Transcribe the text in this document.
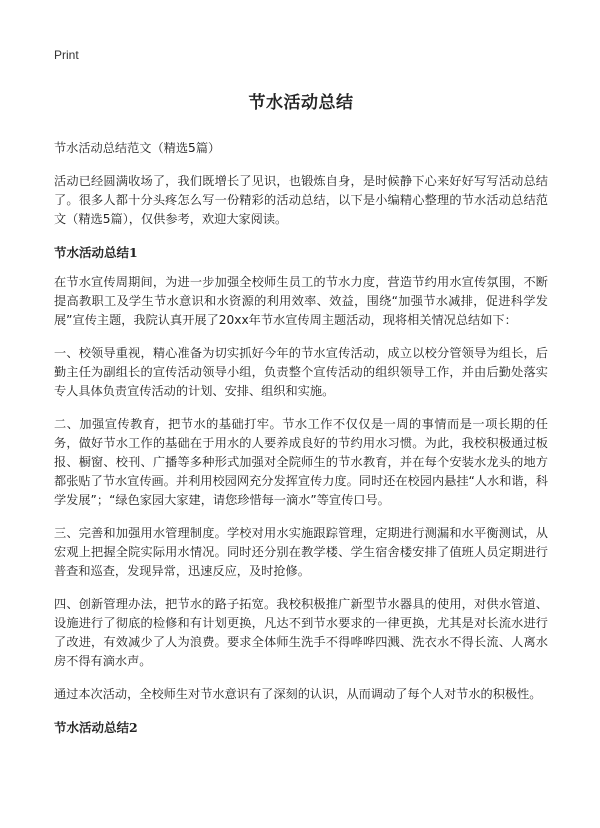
Print
节水活动总结

节水活动总结范文（精选5篇）

活动已经圆满收场了，我们既增长了见识，也锻炼自身，是时候静下心来好好写写活动总结了。很多人都十分头疼怎么写一份精彩的活动总结，以下是小编精心整理的节水活动总结范文（精选5篇），仅供参考，欢迎大家阅读。

节水活动总结1

在节水宣传周期间，为进一步加强全校师生员工的节水力度，营造节约用水宣传氛围，不断提高教职工及学生节水意识和水资源的利用效率、效益，围绕“加强节水减排，促进科学发展”宣传主题，我院认真开展了20xx年节水宣传周主题活动，现将相关情况总结如下：

一、校领导重视，精心准备为切实抓好今年的节水宣传活动，成立以校分管领导为组长，后勤主任为副组长的宣传活动领导小组，负责整个宣传活动的组织领导工作，并由后勤处落实专人具体负责宣传活动的计划、安排、组织和实施。

二、加强宣传教育，把节水的基础打牢。节水工作不仅仅是一周的事情而是一项长期的任务，做好节水工作的基础在于用水的人要养成良好的节约用水习惯。为此，我校积极通过板报、橱窗、校刊、广播等多种形式加强对全院师生的节水教育，并在每个安装水龙头的地方都张贴了节水宣传画。并利用校园网充分发挥宣传力度。同时还在校园内悬挂“人水和谐，科学发展”；“绿色家园大家建，请您珍惜每一滴水”等宣传口号。

三、完善和加强用水管理制度。学校对用水实施跟踪管理，定期进行测漏和水平衡测试，从宏观上把握全院实际用水情况。同时还分别在教学楼、学生宿舍楼安排了值班人员定期进行普查和巡查，发现异常，迅速反应，及时抢修。

四、创新管理办法，把节水的路子拓宽。我校积极推广新型节水器具的使用，对供水管道、设施进行了彻底的检修和有计划更换，凡达不到节水要求的一律更换，尤其是对长流水进行了改进，有效减少了人为浪费。要求全体师生洗手不得哗哗四溅、洗衣水不得长流、人离水房不得有滴水声。

通过本次活动，全校师生对节水意识有了深刻的认识，从而调动了每个人对节水的积极性。

节水活动总结2
